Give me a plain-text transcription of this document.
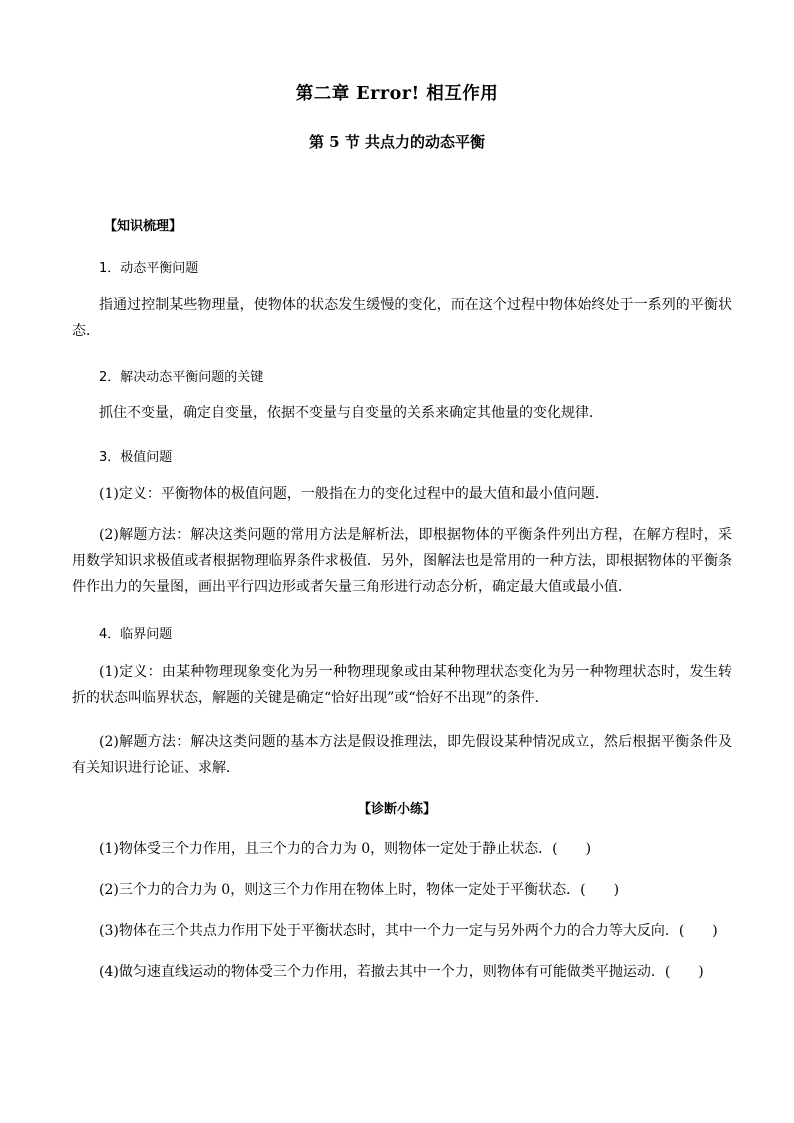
第二章 Error! 相互作用
第 5 节 共点力的动态平衡
【知识梳理】
1．动态平衡问题

指通过控制某些物理量，使物体的状态发生缓慢的变化，而在这个过程中物体始终处于一系列的平衡状态．

2．解决动态平衡问题的关键

抓住不变量，确定自变量，依据不变量与自变量的关系来确定其他量的变化规律．

3．极值问题

(1)定义：平衡物体的极值问题，一般指在力的变化过程中的最大值和最小值问题．

(2)解题方法：解决这类问题的常用方法是解析法，即根据物体的平衡条件列出方程，在解方程时，采用数学知识求极值或者根据物理临界条件求极值．另外，图解法也是常用的一种方法，即根据物体的平衡条件作出力的矢量图，画出平行四边形或者矢量三角形进行动态分析，确定最大值或最小值．

4．临界问题

(1)定义：由某种物理现象变化为另一种物理现象或由某种物理状态变化为另一种物理状态时，发生转折的状态叫临界状态，解题的关键是确定“恰好出现”或“恰好不出现”的条件．

(2)解题方法：解决这类问题的基本方法是假设推理法，即先假设某种情况成立，然后根据平衡条件及有关知识进行论证、求解．

【诊断小练】
(1)物体受三个力作用，且三个力的合力为 0，则物体一定处于静止状态．(　　)
(2)三个力的合力为 0，则这三个力作用在物体上时，物体一定处于平衡状态．(　　)
(3)物体在三个共点力作用下处于平衡状态时，其中一个力一定与另外两个力的合力等大反向．(　　)
(4)做匀速直线运动的物体受三个力作用，若撤去其中一个力，则物体有可能做类平抛运动．(　　)
